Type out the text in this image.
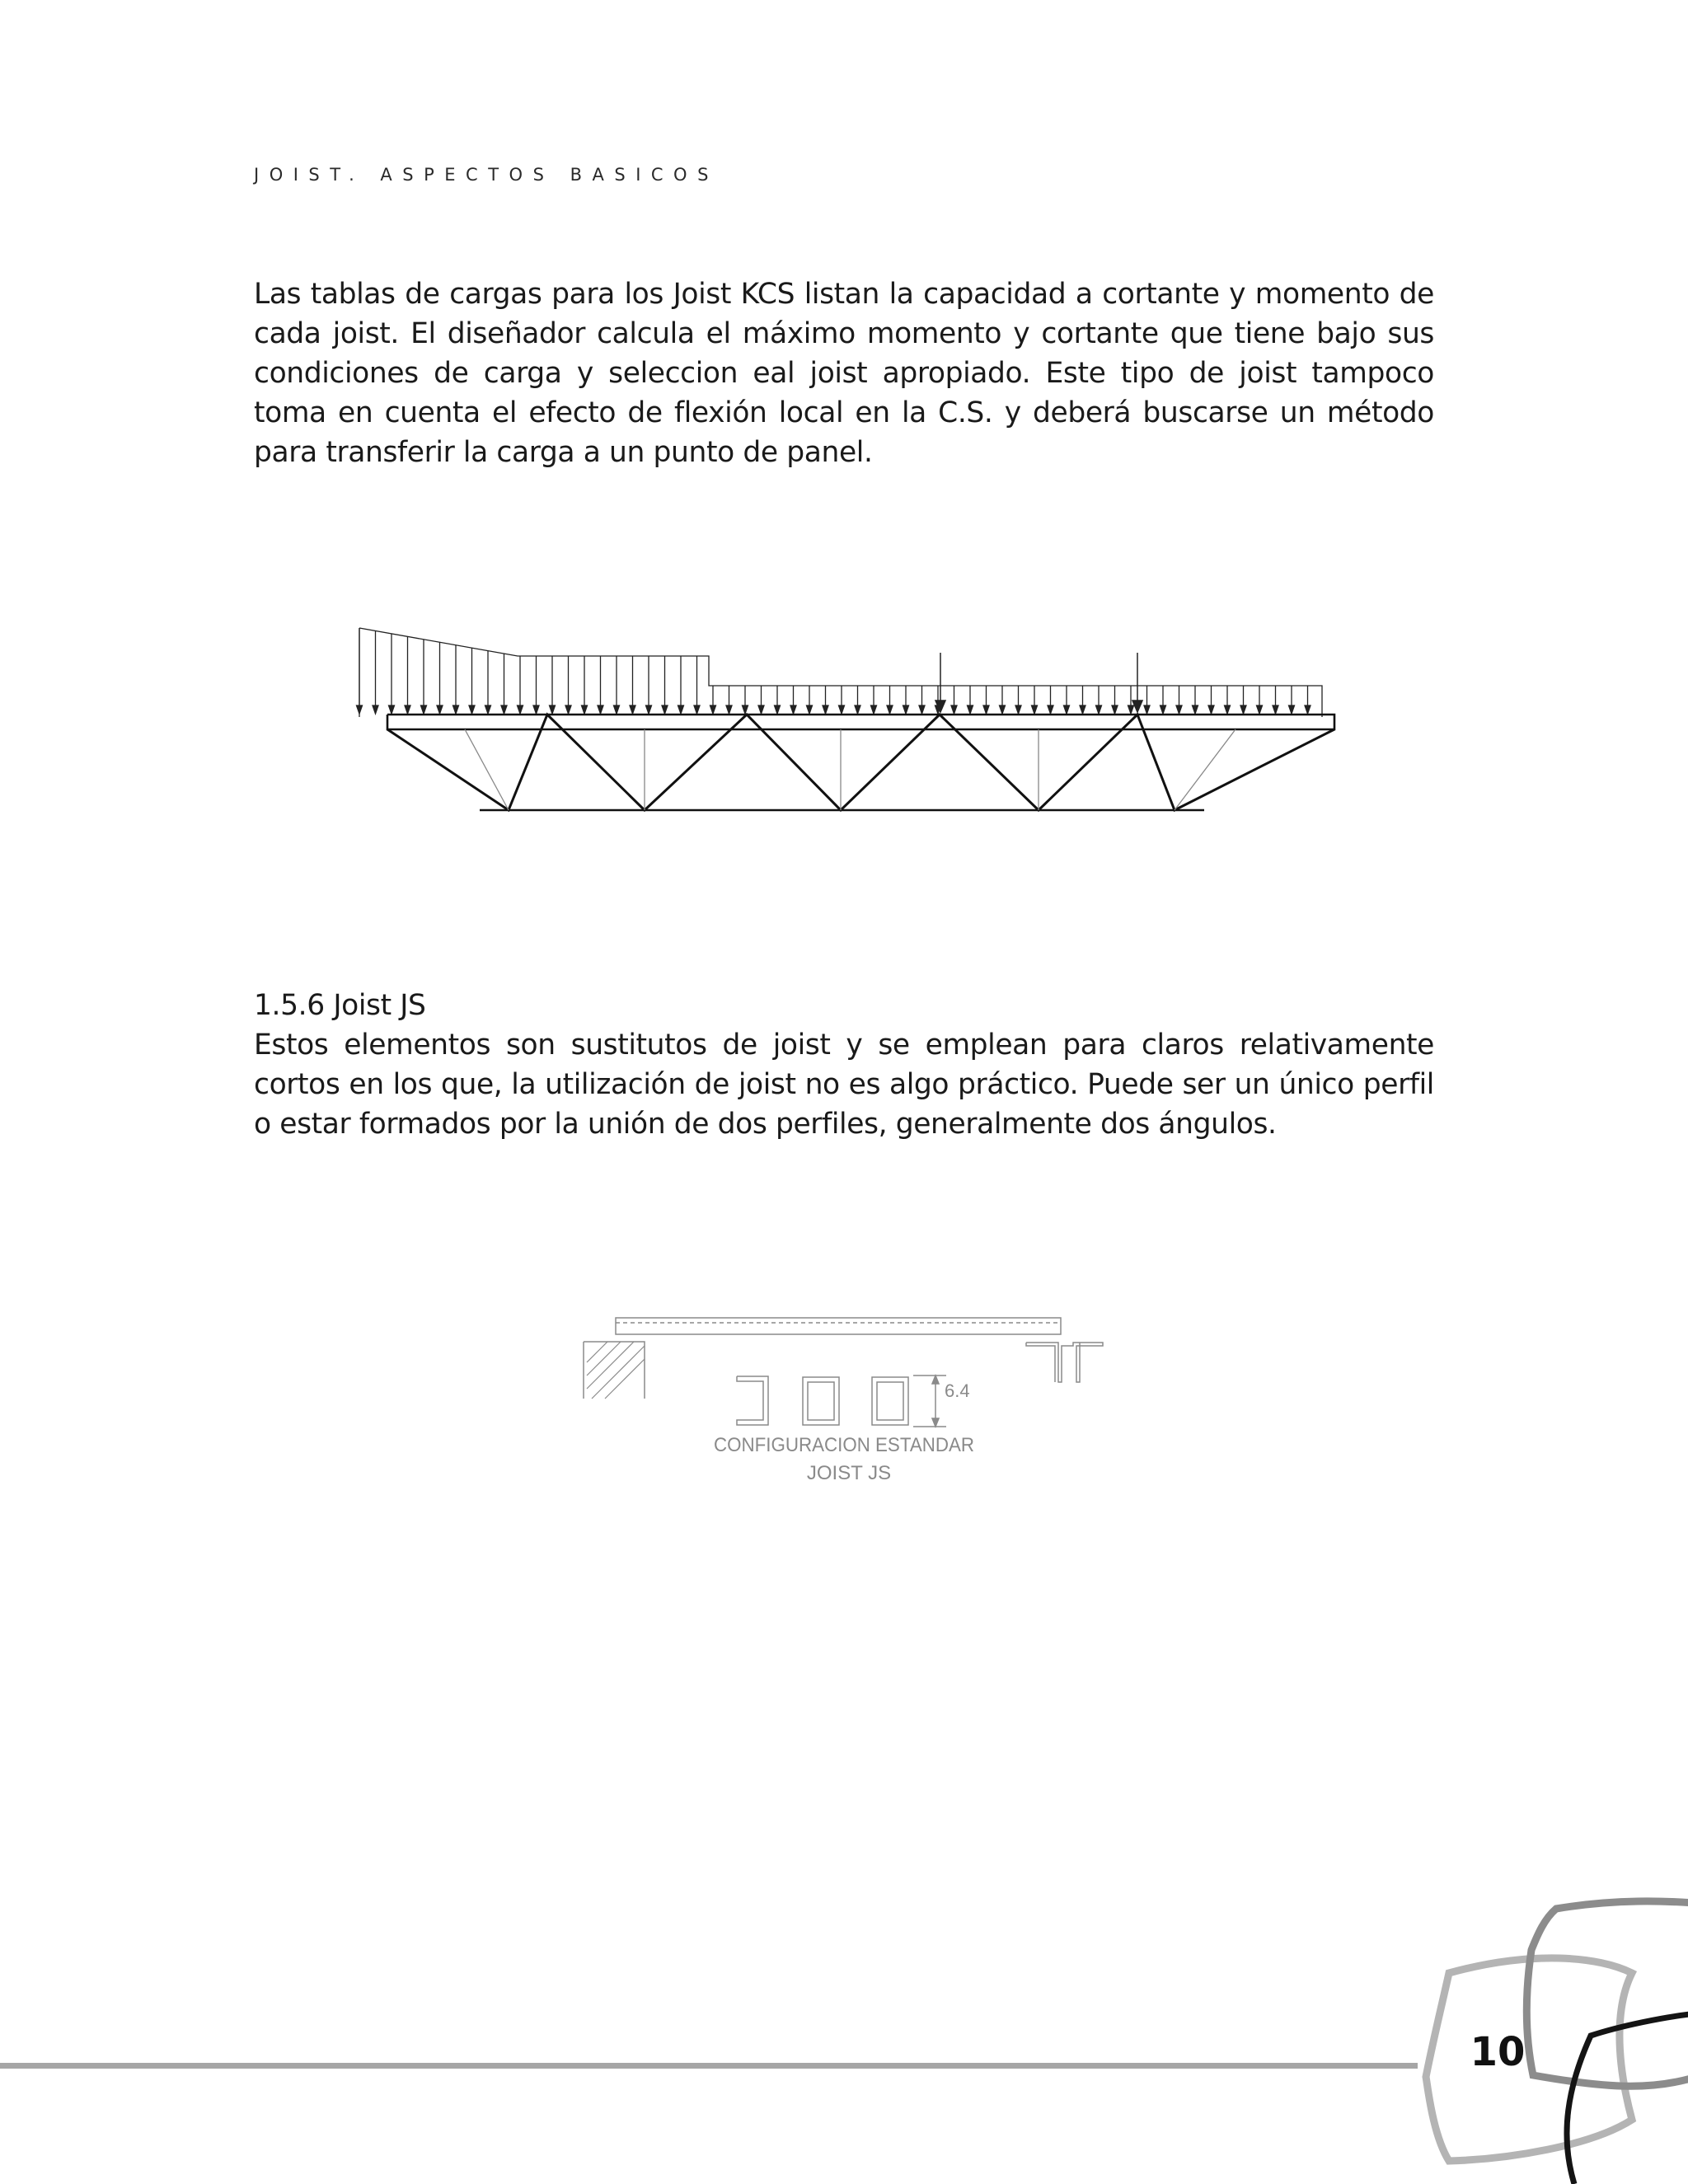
JOIST. ASPECTOS BASICOS

Las tablas de cargas para los Joist KCS listan la capacidad a cortante y momento de cada joist. El diseñador calcula el máximo momento y cortante que tiene bajo sus condiciones de carga y seleccion eal joist apropiado. Este tipo de joist tampoco toma en cuenta el efecto de flexión local en la C.S. y deberá buscarse un método para transferir la carga a un punto de panel.

1.5.6 Joist JS
Estos elementos son sustitutos de joist y se emplean para claros relativamente cortos en los que, la utilización de joist no es algo práctico. Puede ser un único perfil o estar formados por la unión de dos perfiles, generalmente dos ángulos.
6.4
CONFIGURACION ESTANDAR
JOIST JS
10
